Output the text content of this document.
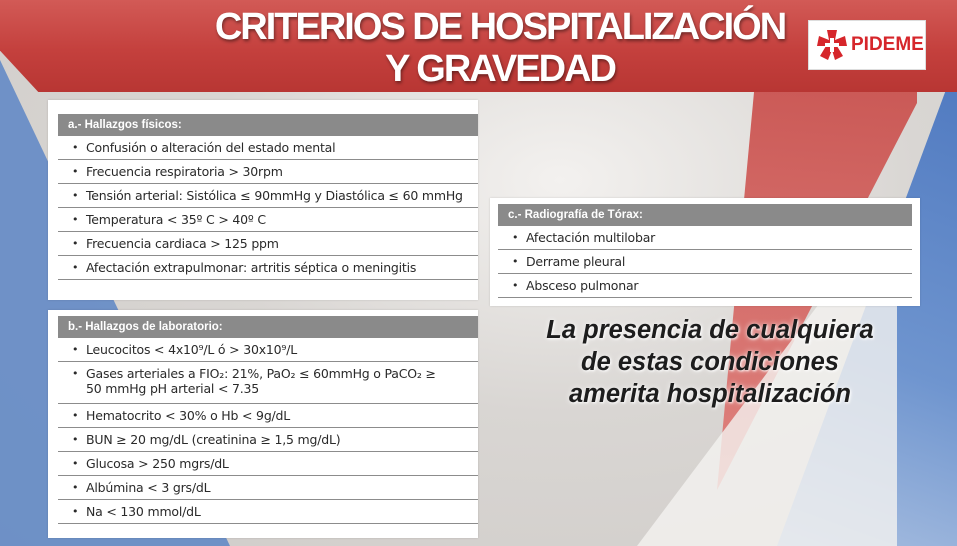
CRITERIOS DE HOSPITALIZACIÓN
Y GRAVEDAD
PIDEME
a.- Hallazgos físicos:
• Confusión o alteración del estado mental
• Frecuencia respiratoria > 30rpm
• Tensión arterial: Sistólica ≤ 90mmHg y Diastólica ≤ 60 mmHg
• Temperatura < 35º C > 40º C
• Frecuencia cardiaca > 125 ppm
• Afectación extrapulmonar: artritis séptica o meningitis
b.- Hallazgos de laboratorio:
• Leucocitos < 4x10⁹/L ó > 30x10⁹/L
• Gases arteriales a FIO₂: 21%, PaO₂ ≤ 60mmHg o PaCO₂ ≥ 50 mmHg pH arterial < 7.35
• Hematocrito < 30% o Hb < 9g/dL
• BUN ≥ 20 mg/dL (creatinina ≥ 1,5 mg/dL)
• Glucosa > 250 mgrs/dL
• Albúmina < 3 grs/dL
• Na < 130 mmol/dL
c.- Radiografía de Tórax:
• Afectación multilobar
• Derrame pleural
• Absceso pulmonar
La presencia de cualquiera de estas condiciones amerita hospitalización
